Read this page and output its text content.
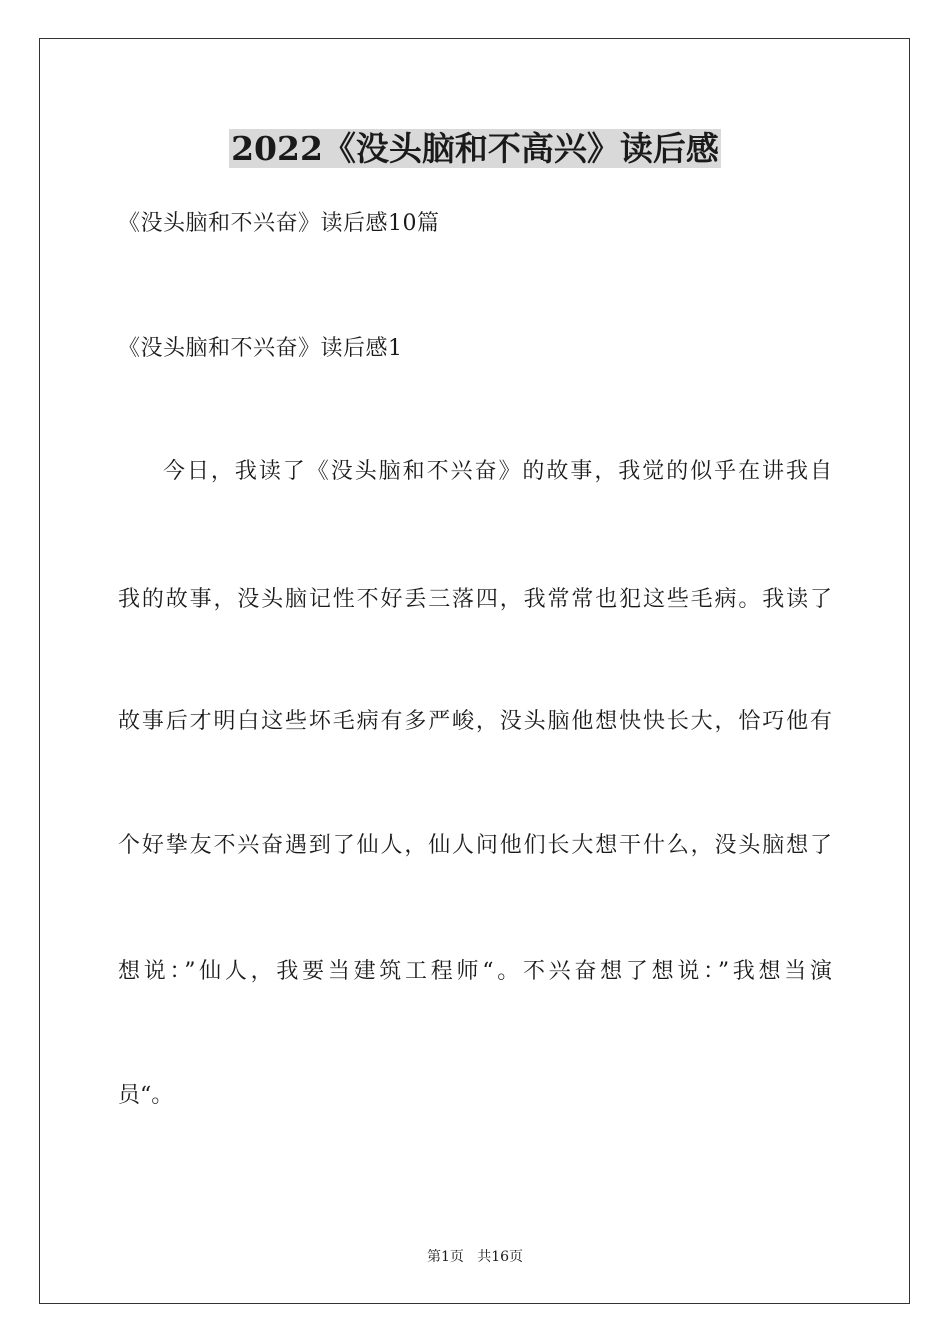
2022《没头脑和不高兴》读后感
《没头脑和不兴奋》读后感10篇
《没头脑和不兴奋》读后感1
今日，我读了《没头脑和不兴奋》的故事，我觉的似乎在讲我自
我的故事，没头脑记性不好丢三落四，我常常也犯这些毛病。我读了
故事后才明白这些坏毛病有多严峻，没头脑他想快快长大，恰巧他有
个好挚友不兴奋遇到了仙人，仙人问他们长大想干什么，没头脑想了
想说：”仙人，我要当建筑工程师“。不兴奋想了想说：”我想当演
员“。
第1页   共16页
